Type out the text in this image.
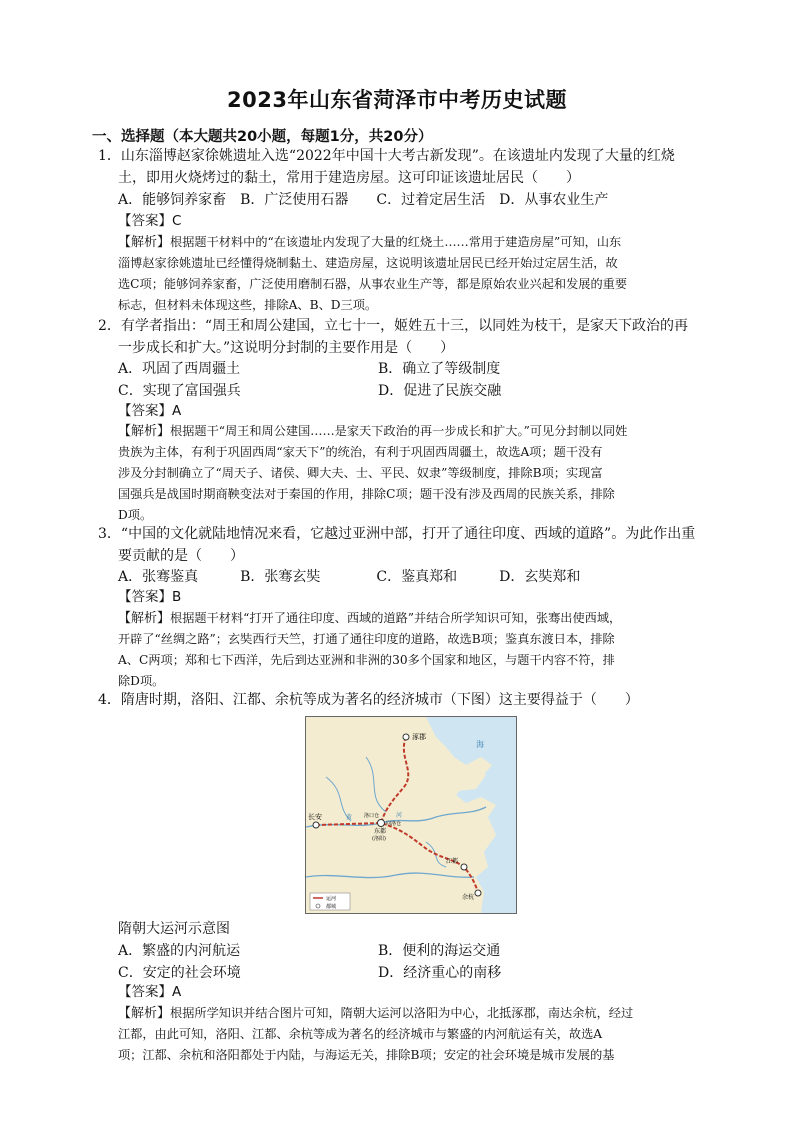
2023年山东省菏泽市中考历史试题
一、选择题（本大题共20小题，每题1分，共20分）
1．山东淄博赵家徐姚遗址入选“2022年中国十大考古新发现”。在该遗址内发现了大量的红烧
土，即用火烧烤过的黏土，常用于建造房屋。这可印证该遗址居民（　　）
A．能够饲养家畜　B．广泛使用石器　　C．过着定居生活　D．从事农业生产
【答案】C
【解析】根据题干材料中的“在该遗址内发现了大量的红烧土……常用于建造房屋”可知，山东
淄博赵家徐姚遗址已经懂得烧制黏土、建造房屋，这说明该遗址居民已经开始过定居生活，故
选C项；能够饲养家畜，广泛使用磨制石器，从事农业生产等，都是原始农业兴起和发展的重要
标志，但材料未体现这些，排除A、B、D三项。
2．有学者指出：“周王和周公建国，立七十一，姬姓五十三，以同姓为枝干，是家天下政治的再
一步成长和扩大。”这说明分封制的主要作用是（　　）
A．巩固了西周疆土	B．确立了等级制度
C．实现了富国强兵	D．促进了民族交融
【答案】A
【解析】根据题干“周王和周公建国……是家天下政治的再一步成长和扩大。”可见分封制以同姓
贵族为主体，有利于巩固西周“家天下”的统治，有利于巩固西周疆土，故选A项；题干没有
涉及分封制确立了“周天子、诸侯、卿大夫、士、平民、奴隶”等级制度，排除B项；实现富
国强兵是战国时期商鞅变法对于秦国的作用，排除C项；题干没有涉及西周的民族关系，排除
D项。
3．“中国的文化就陆地情况来看，它越过亚洲中部，打开了通往印度、西域的道路”。为此作出重
要贡献的是（　　）
A．张骞鉴真　　　B．张骞玄奘　　　　C．鉴真郑和　　　D．玄奘郑和
【答案】B
【解析】根据题干材料“打开了通往印度、西域的道路”并结合所学知识可知，张骞出使西域，
开辟了“丝绸之路”；玄奘西行天竺，打通了通往印度的道路，故选B项；鉴真东渡日本，排除
A、C两项；郑和七下西洋，先后到达亚洲和非洲的30多个国家和地区，与题干内容不符，排
除D项。
4．隋唐时期，洛阳、江都、余杭等成为著名的经济城市（下图）这主要得益于（　　）
涿郡
长安	洛口仓
回洛仓
东都
(洛阳)
江都
余杭
河
海
黄
运河
都城
隋朝大运河示意图
A．繁盛的内河航运	B．便利的海运交通
C．安定的社会环境	D．经济重心的南移
【答案】A
【解析】根据所学知识并结合图片可知，隋朝大运河以洛阳为中心，北抵涿郡，南达余杭，经过
江都，由此可知，洛阳、江都、余杭等成为著名的经济城市与繁盛的内河航运有关，故选A
项；江都、余杭和洛阳都处于内陆，与海运无关，排除B项；安定的社会环境是城市发展的基
